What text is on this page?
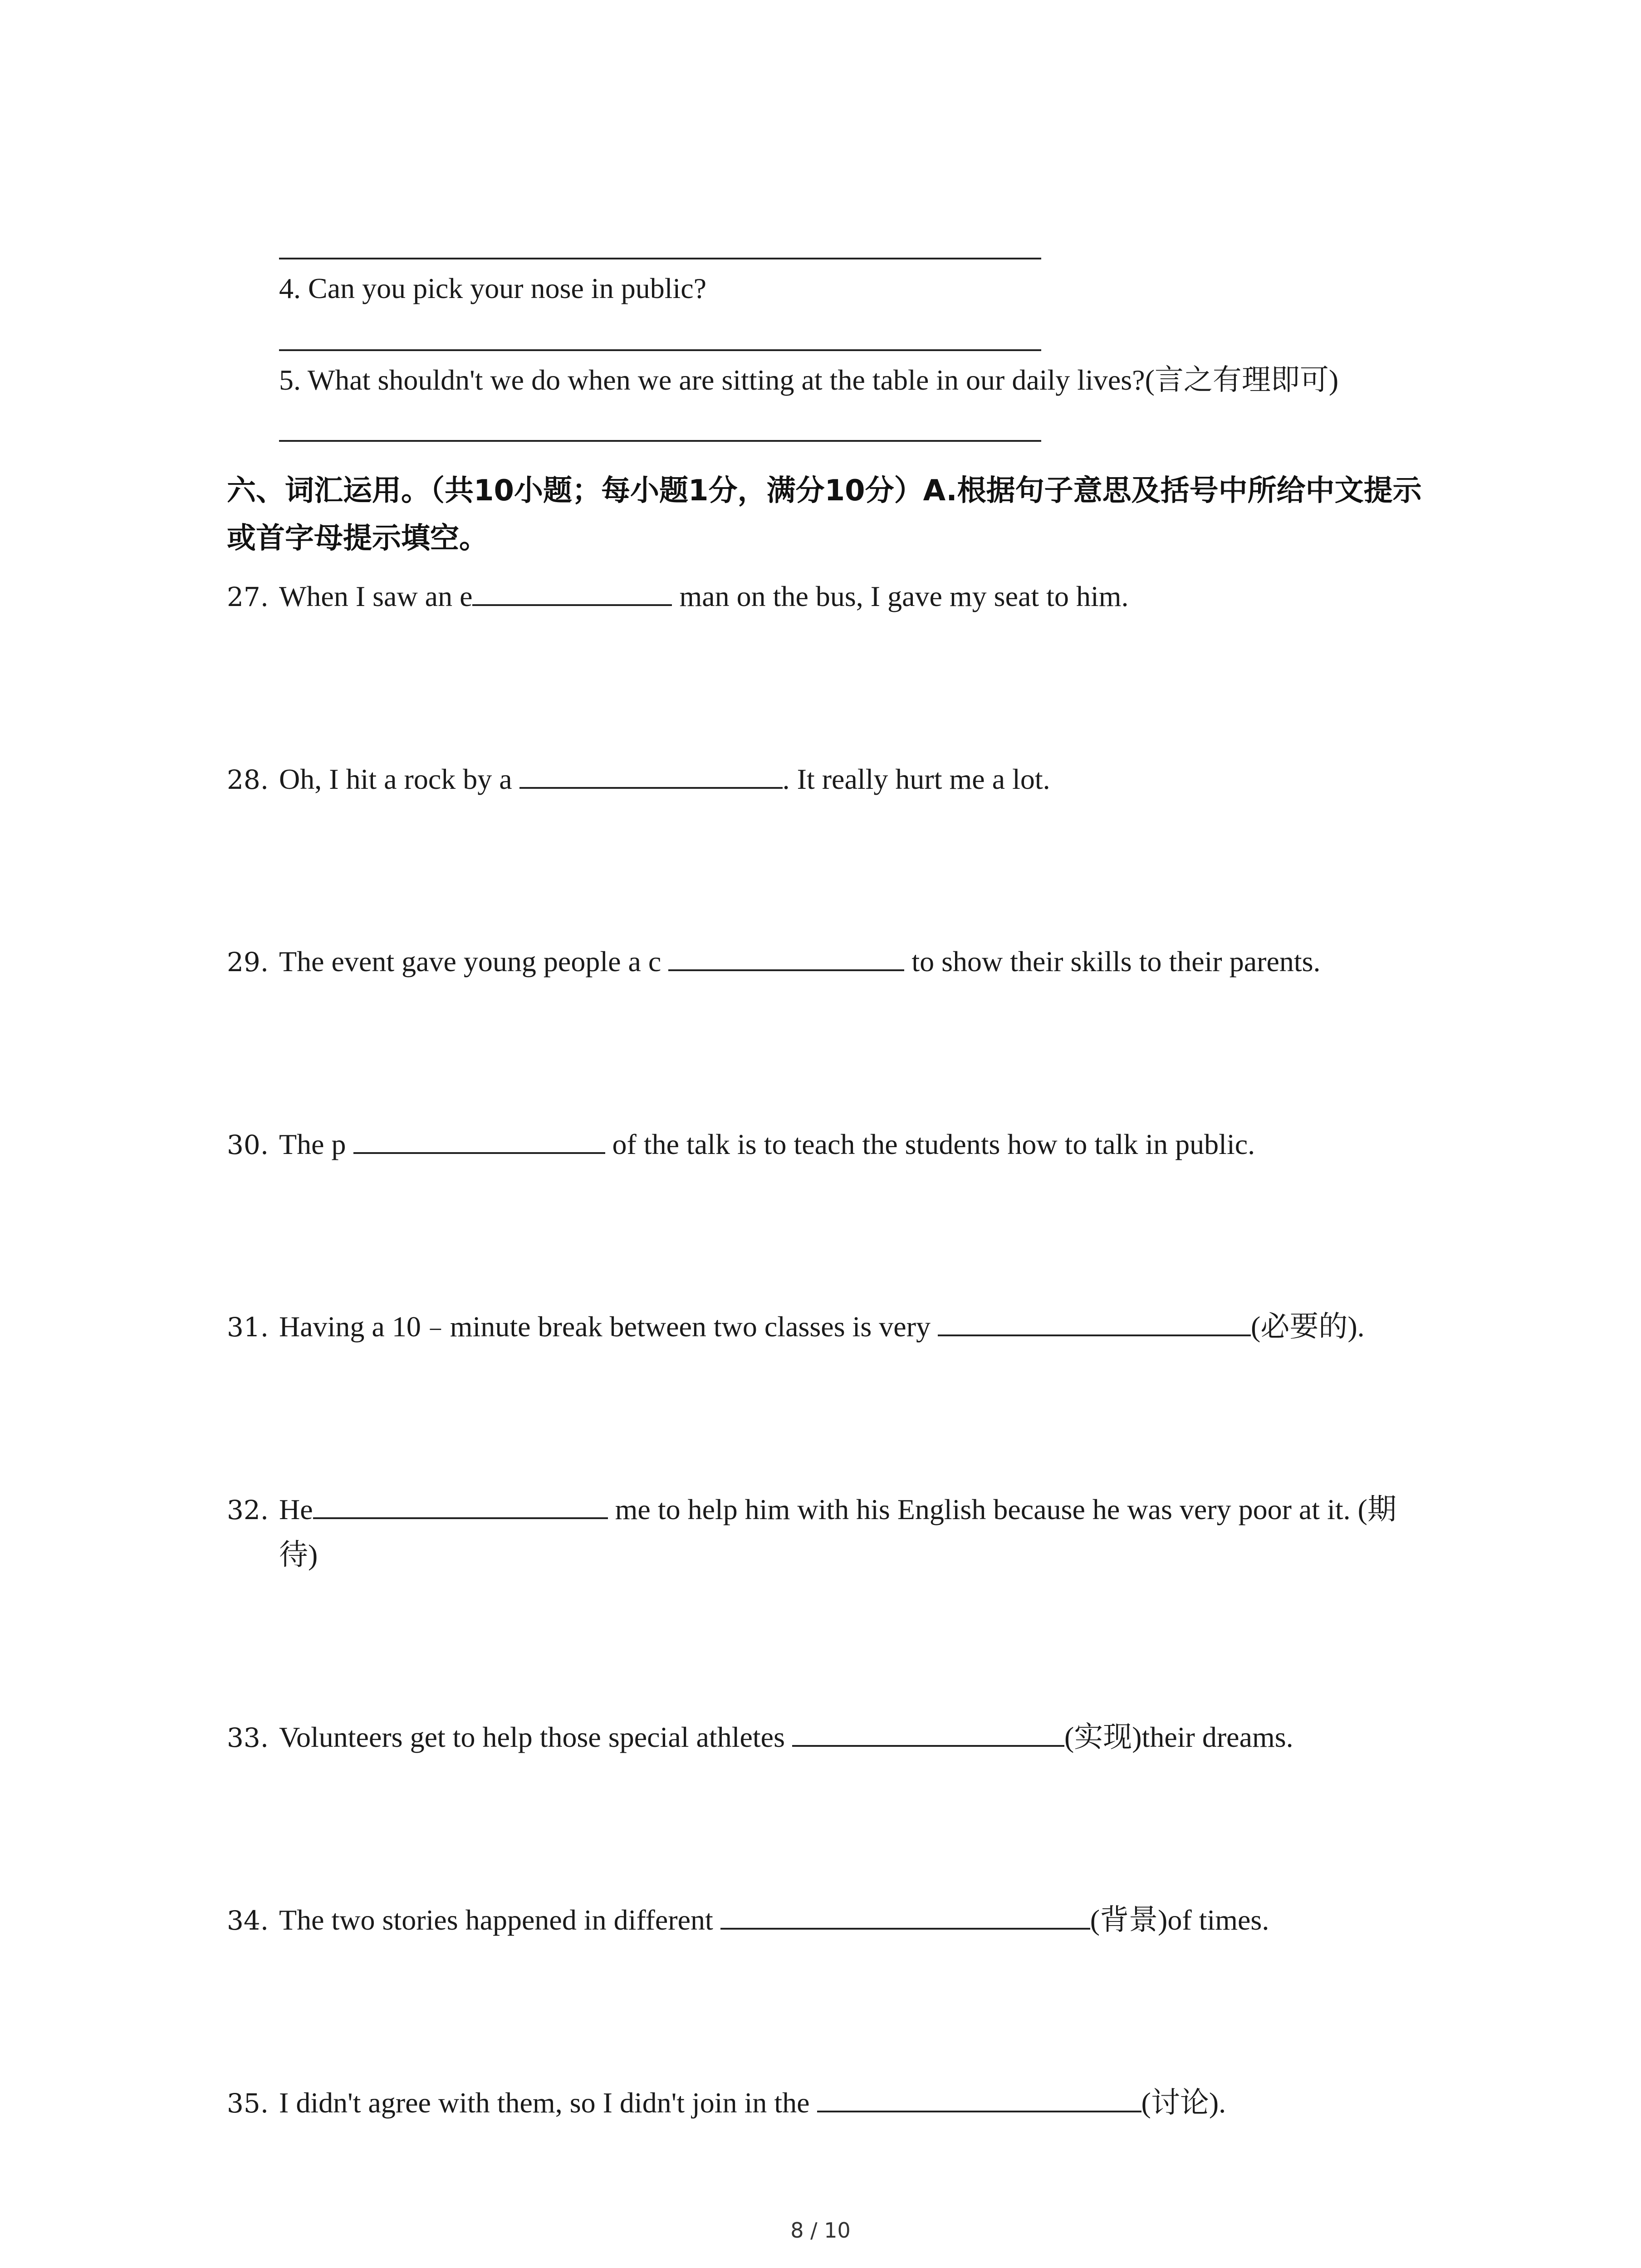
4. Can you pick your nose in public?
5. What shouldn't we do when we are sitting at the table in our daily lives?(言之有理即可)
六、词汇运用。（共10小题；每小题1分，满分10分）A.根据句子意思及括号中所给中文提示或首字母提示填空。
27. When I saw an e	man on the bus, I gave my seat to him.
28. Oh, I hit a rock by a	. It really hurt me a lot.
29. The event gave young people a c	to show their skills to their parents.
30. The p	of the talk is to teach the students how to talk in public.
31. Having a 10﹣minute break between two classes is very	(必要的).
32. He	me to help him with his English because he was very poor at it. (期
待)
33. Volunteers get to help those special athletes	(实现)their dreams.
34. The two stories happened in different	(背景)of times.
35. I didn't agree with them, so I didn't join in the	(讨论).
8 / 10
